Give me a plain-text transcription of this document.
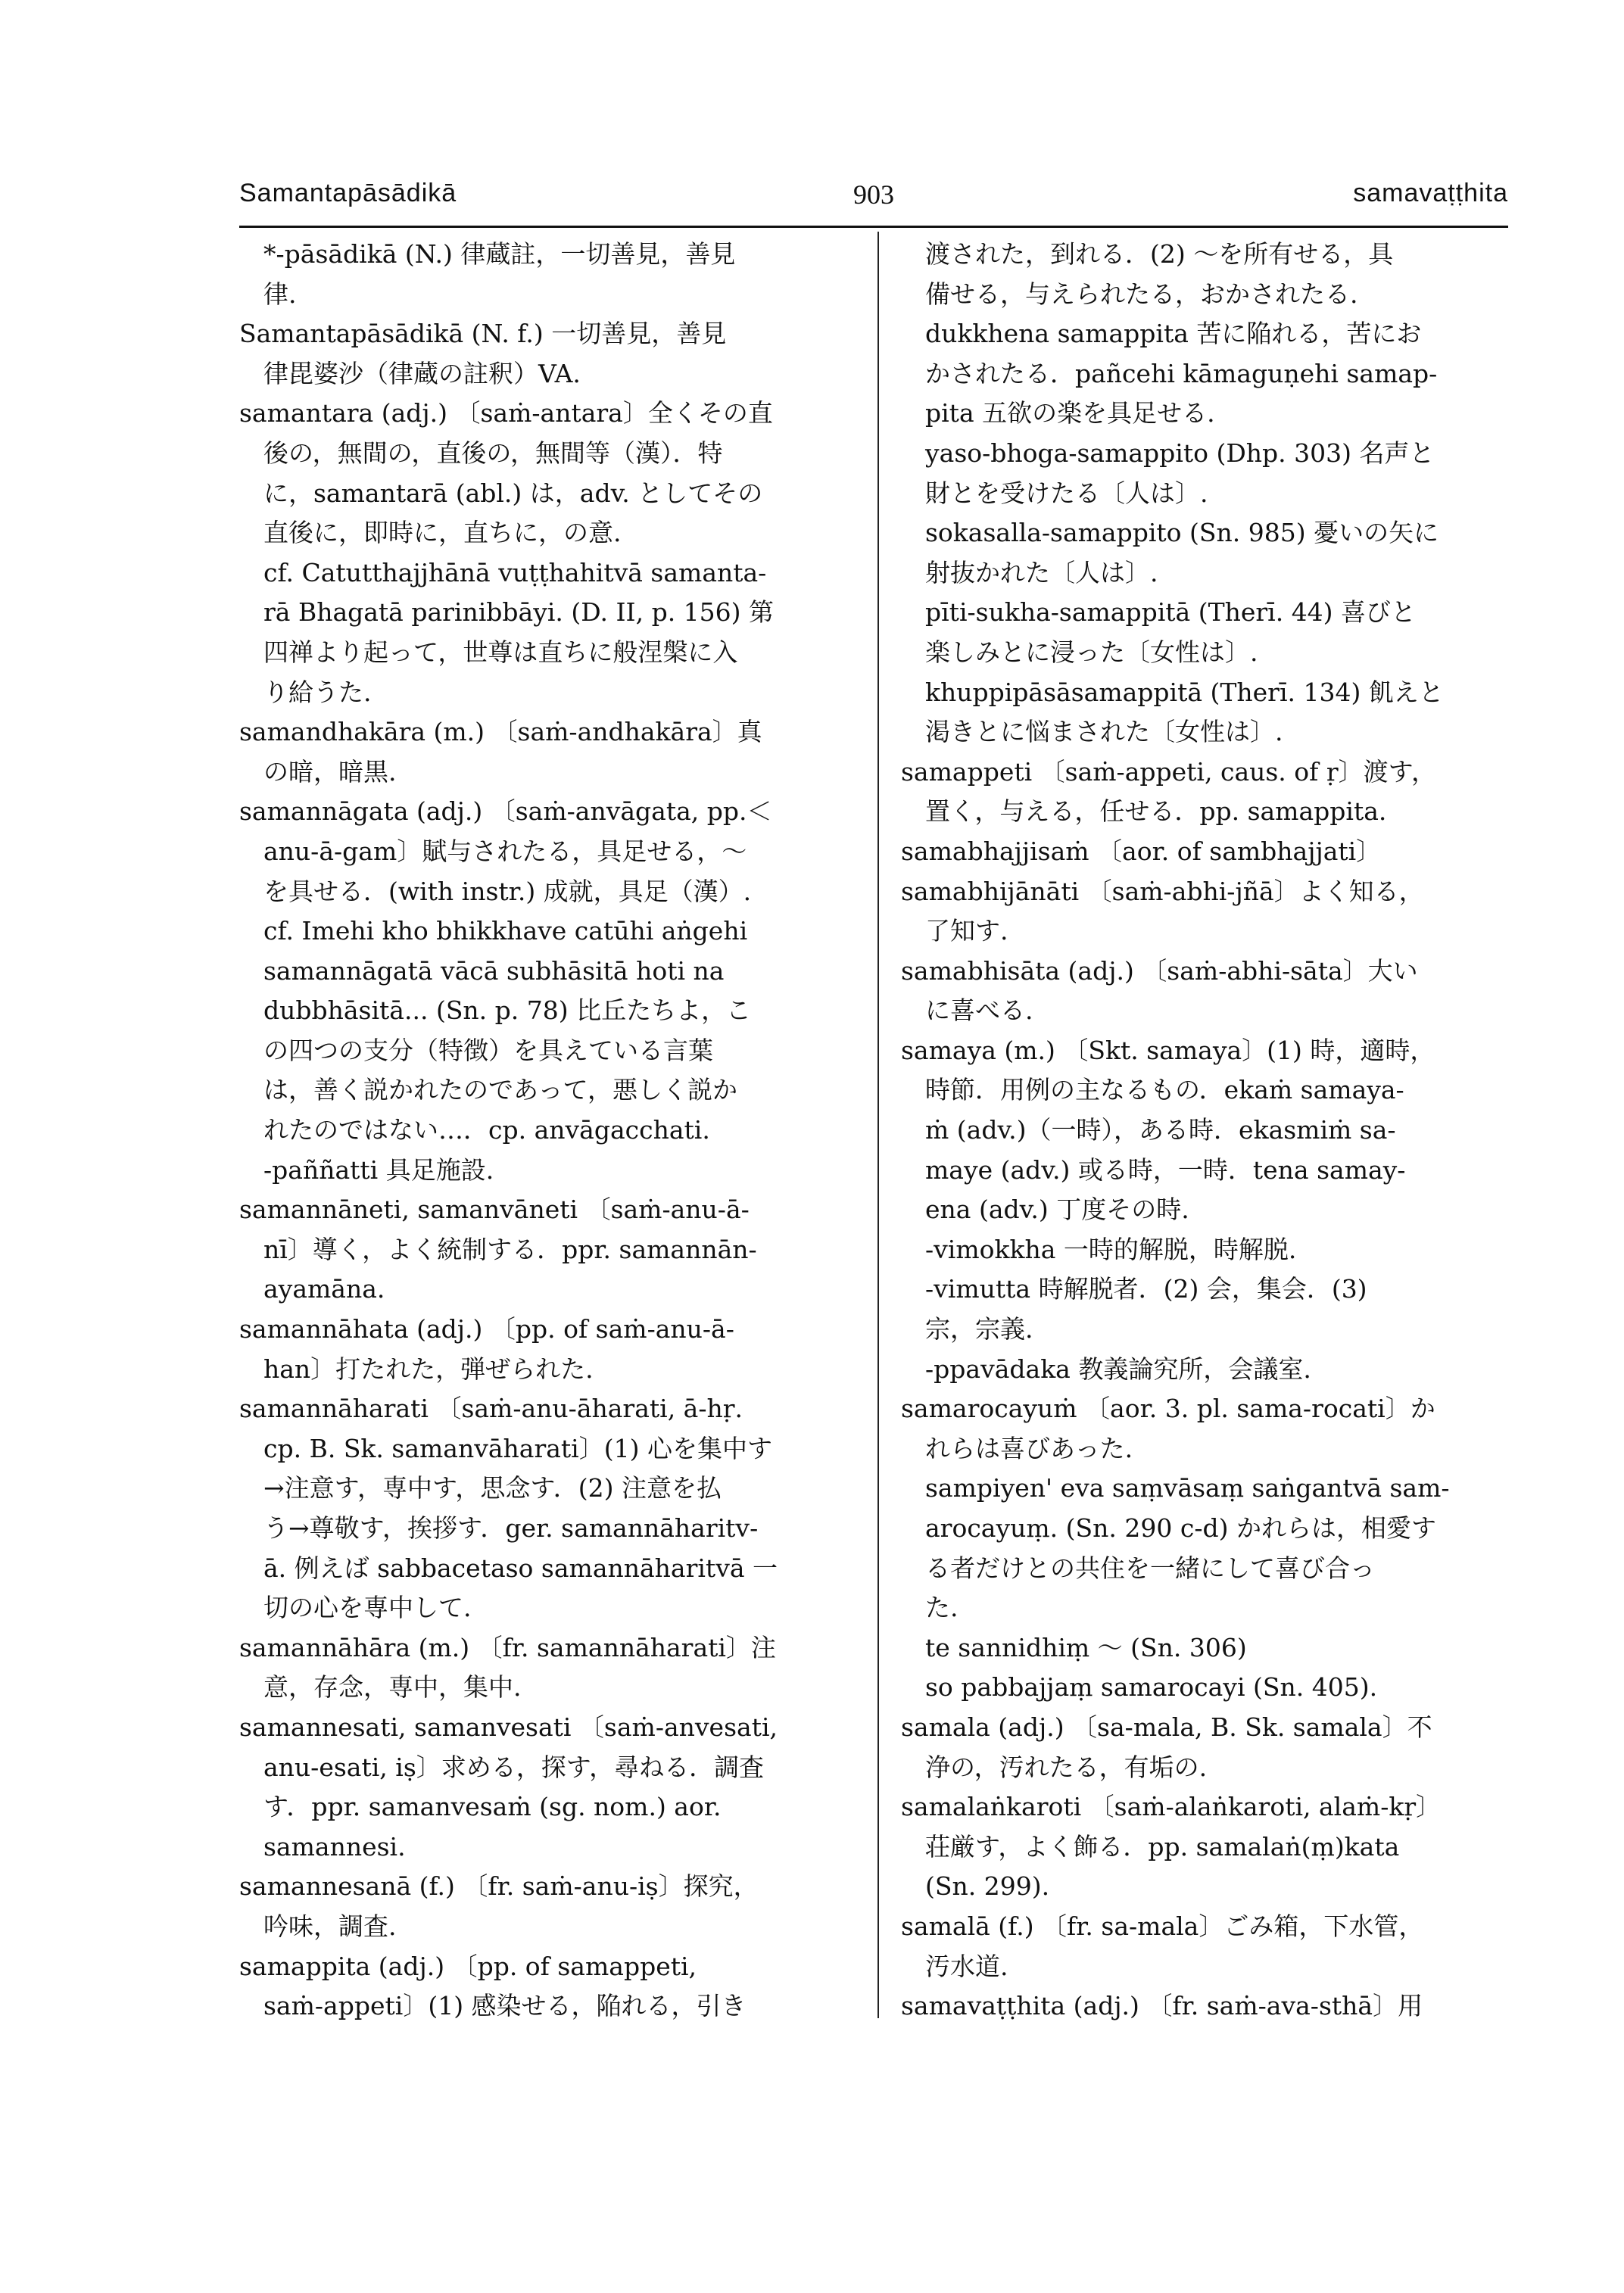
Samantapāsādikā	903	samavaṭṭhita
*-pāsādikā (N.) 律蔵註，一切善見，善見
律.
Samantapāsādikā (N. f.) 一切善見，善見
律毘婆沙（律蔵の註釈）VA.
samantara (adj.) 〔saṁ-antara〕全くその直
後の，無間の，直後の，無間等（漢）．特
に，samantarā (abl.) は，adv. としてその
直後に，即時に，直ちに，の意.
cf. Catutthajjhānā vuṭṭhahitvā samanta-
rā Bhagatā parinibbāyi. (D. II, p. 156) 第
四禅より起って，世尊は直ちに般涅槃に入
り給うた.
samandhakāra (m.) 〔saṁ-andhakāra〕真
の暗，暗黒.
samannāgata (adj.) 〔saṁ-anvāgata, pp.＜
anu-ā-gam〕賦与されたる，具足せる，～
を具せる．(with instr.) 成就，具足（漢）.
cf. Imehi kho bhikkhave catūhi aṅgehi
samannāgatā vācā subhāsitā hoti na
dubbhāsitā... (Sn. p. 78) 比丘たちよ，こ
の四つの支分（特徴）を具えている言葉
は，善く説かれたのであって，悪しく説か
れたのではない…．cp. anvāgacchati.
-paññatti 具足施設.
samannāneti, samanvāneti 〔saṁ-anu-ā-
nī〕導く，よく統制する．ppr. samannān-
ayamāna.
samannāhata (adj.) 〔pp. of saṁ-anu-ā-
han〕打たれた，弾ぜられた.
samannāharati 〔saṁ-anu-āharati, ā-hṛ.
cp. B. Sk. samanvāharati〕(1) 心を集中す
→注意す，専中す，思念す．(2) 注意を払
う→尊敬す，挨拶す．ger. samannāharitv-
ā. 例えば sabbacetaso samannāharitvā 一
切の心を専中して.
samannāhāra (m.) 〔fr. samannāharati〕注
意，存念，専中，集中.
samannesati, samanvesati 〔saṁ-anvesati,
anu-esati, iṣ〕求める，探す，尋ねる．調査
す．ppr. samanvesaṁ (sg. nom.) aor.
samannesi.
samannesanā (f.) 〔fr. saṁ-anu-iṣ〕探究，
吟味，調査.
samappita (adj.) 〔pp. of samappeti,
saṁ-appeti〕(1) 感染せる，陥れる，引き
渡された，到れる．(2) ～を所有せる，具
備せる，与えられたる，おかされたる.
dukkhena samappita 苦に陥れる，苦にお
かされたる．pañcehi kāmaguṇehi samap-
pita 五欲の楽を具足せる.
yaso-bhoga-samappito (Dhp. 303) 名声と
財とを受けたる〔人は〕.
sokasalla-samappito (Sn. 985) 憂いの矢に
射抜かれた〔人は〕.
pīti-sukha-samappitā (Therī. 44) 喜びと
楽しみとに浸った〔女性は〕.
khuppipāsāsamappitā (Therī. 134) 飢えと
渇きとに悩まされた〔女性は〕.
samappeti 〔saṁ-appeti, caus. of ṛ〕渡す，
置く，与える，任せる．pp. samappita.
samabhajjisaṁ 〔aor. of sambhajjati〕
samabhijānāti 〔saṁ-abhi-jñā〕よく知る，
了知す.
samabhisāta (adj.) 〔saṁ-abhi-sāta〕大い
に喜べる.
samaya (m.) 〔Skt. samaya〕(1) 時，適時，
時節．用例の主なるもの．ekaṁ samaya-
ṁ (adv.)（一時），ある時．ekasmiṁ sa-
maye (adv.) 或る時，一時．tena samay-
ena (adv.) 丁度その時.
-vimokkha 一時的解脱，時解脱.
-vimutta 時解脱者．(2) 会，集会．(3)
宗，宗義.
-ppavādaka 教義論究所，会議室.
samarocayuṁ 〔aor. 3. pl. sama-rocati〕か
れらは喜びあった.
sampiyen' eva saṃvāsaṃ saṅgantvā sam-
arocayuṃ. (Sn. 290 c-d) かれらは，相愛す
る者だけとの共住を一緒にして喜び合っ
た.
te sannidhiṃ ～ (Sn. 306)
so pabbajjaṃ samarocayi (Sn. 405).
samala (adj.) 〔sa-mala, B. Sk. samala〕不
浄の，汚れたる，有垢の.
samalaṅkaroti 〔saṁ-alaṅkaroti, alaṁ-kṛ〕
荘厳す，よく飾る．pp. samalaṅ(ṃ)kata
(Sn. 299).
samalā (f.) 〔fr. sa-mala〕ごみ箱，下水管，
汚水道.
samavaṭṭhita (adj.) 〔fr. saṁ-ava-sthā〕用
